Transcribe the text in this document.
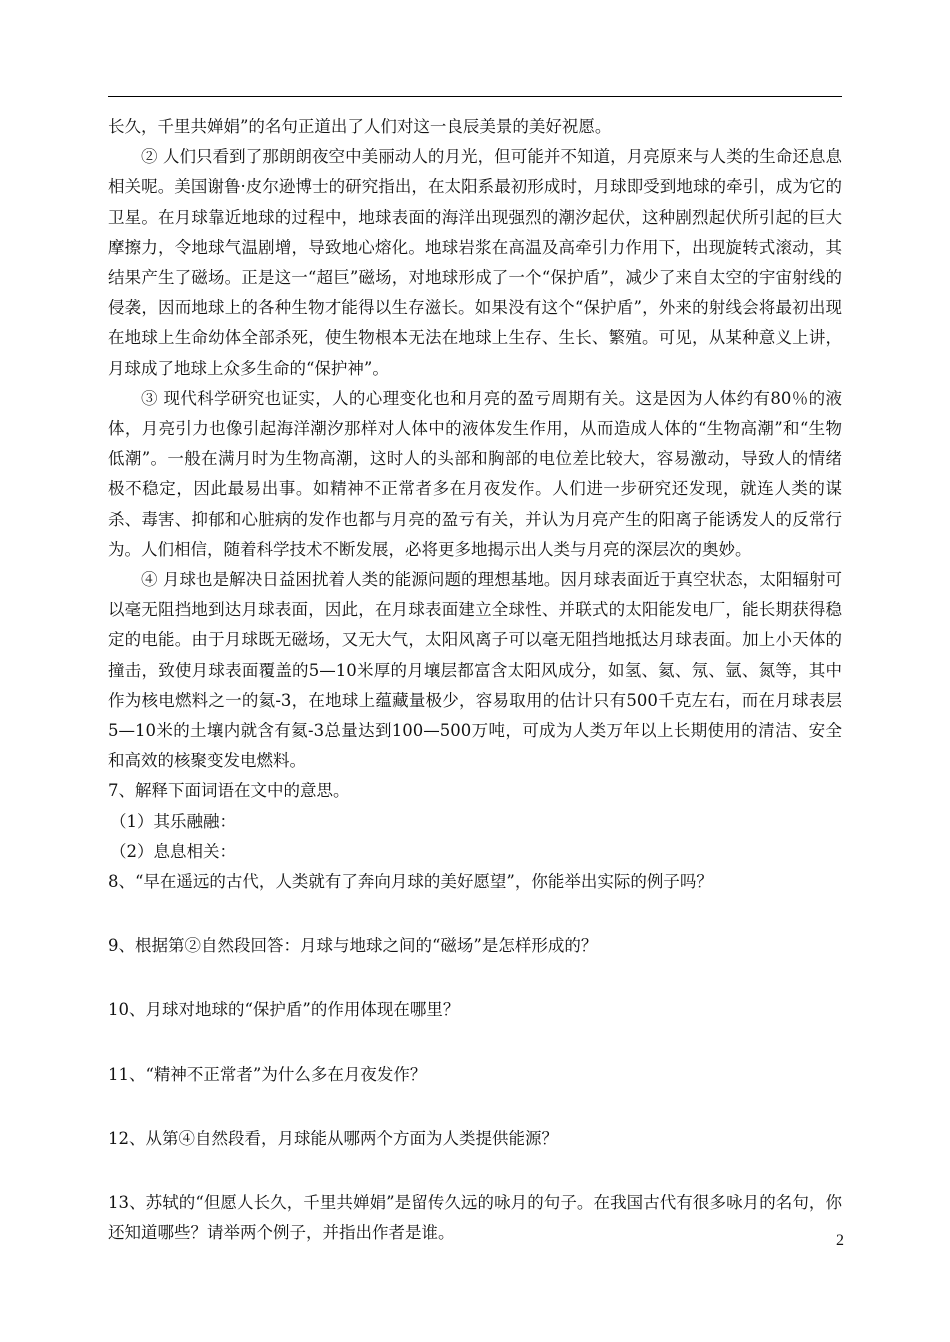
长久，千里共婵娟”的名句正道出了人们对这一良辰美景的美好祝愿。

② 人们只看到了那朗朗夜空中美丽动人的月光，但可能并不知道，月亮原来与人类的生命还息息相关呢。美国谢鲁·皮尔逊博士的研究指出，在太阳系最初形成时，月球即受到地球的牵引，成为它的卫星。在月球靠近地球的过程中，地球表面的海洋出现强烈的潮汐起伏，这种剧烈起伏所引起的巨大摩擦力，令地球气温剧增，导致地心熔化。地球岩浆在高温及高牵引力作用下，出现旋转式滚动，其结果产生了磁场。正是这一“超巨”磁场，对地球形成了一个“保护盾”，减少了来自太空的宇宙射线的侵袭，因而地球上的各种生物才能得以生存滋长。如果没有这个“保护盾”，外来的射线会将最初出现在地球上生命幼体全部杀死，使生物根本无法在地球上生存、生长、繁殖。可见，从某种意义上讲，月球成了地球上众多生命的“保护神”。

③ 现代科学研究也证实，人的心理变化也和月亮的盈亏周期有关。这是因为人体约有80％的液体，月亮引力也像引起海洋潮汐那样对人体中的液体发生作用，从而造成人体的“生物高潮”和“生物低潮”。一般在满月时为生物高潮，这时人的头部和胸部的电位差比较大，容易激动，导致人的情绪极不稳定，因此最易出事。如精神不正常者多在月夜发作。人们进一步研究还发现，就连人类的谋杀、毒害、抑郁和心脏病的发作也都与月亮的盈亏有关，并认为月亮产生的阳离子能诱发人的反常行为。人们相信，随着科学技术不断发展，必将更多地揭示出人类与月亮的深层次的奥妙。

④ 月球也是解决日益困扰着人类的能源问题的理想基地。因月球表面近于真空状态，太阳辐射可以毫无阻挡地到达月球表面，因此，在月球表面建立全球性、并联式的太阳能发电厂，能长期获得稳定的电能。由于月球既无磁场，又无大气，太阳风离子可以毫无阻挡地抵达月球表面。加上小天体的撞击，致使月球表面覆盖的5—10米厚的月壤层都富含太阳风成分，如氢、氦、氖、氩、氮等，其中作为核电燃料之一的氦-3，在地球上蕴藏量极少，容易取用的估计只有500千克左右，而在月球表层5—10米的土壤内就含有氦-3总量达到100—500万吨，可成为人类万年以上长期使用的清洁、安全和高效的核聚变发电燃料。

7、解释下面词语在文中的意思。

（1）其乐融融：

（2）息息相关：

8、“早在遥远的古代，人类就有了奔向月球的美好愿望”，你能举出实际的例子吗？

9、根据第②自然段回答：月球与地球之间的“磁场”是怎样形成的？

10、月球对地球的“保护盾”的作用体现在哪里？

11、“精神不正常者”为什么多在月夜发作？

12、从第④自然段看，月球能从哪两个方面为人类提供能源？

13、苏轼的“但愿人长久，千里共婵娟”是留传久远的咏月的句子。在我国古代有很多咏月的名句，你还知道哪些？请举两个例子，并指出作者是谁。	2
